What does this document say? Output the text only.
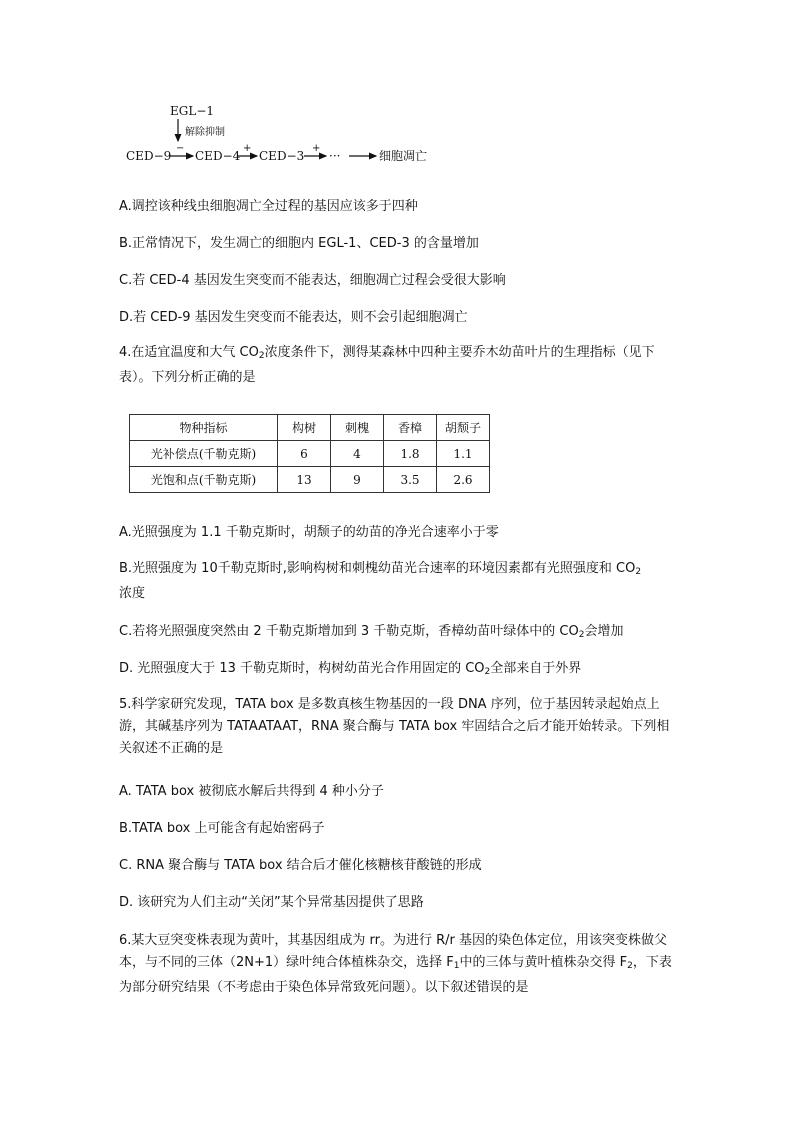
EGL−1
解除抑制
CED−9
−
CED−4
+
CED−3
+
···	细胞凋亡
A.调控该种线虫细胞凋亡全过程的基因应该多于四种
B.正常情况下，发生凋亡的细胞内 EGL-1、CED-3 的含量增加
C.若 CED-4 基因发生突变而不能表达，细胞凋亡过程会受很大影响
D.若 CED-9 基因发生突变而不能表达，则不会引起细胞凋亡
4.在适宜温度和大气 $CO_2$浓度条件下，测得某森林中四种主要乔木幼苗叶片的生理指标（见下表）。下列分析正确的是
物种指标	构树	刺槐	香樟	胡颓子
光补偿点(千勒克斯)	6	4	1.8	1.1
光饱和点(千勒克斯)	13	9	3.5	2.6
A.光照强度为 1.1 千勒克斯时，胡颓子的幼苗的净光合速率小于零
B.光照强度为 10千勒克斯时,影响构树和刺槐幼苗光合速率的环境因素都有光照强度和 $CO_2$
浓度
C.若将光照强度突然由 2 千勒克斯增加到 3 千勒克斯，香樟幼苗叶绿体中的 $CO_2$会增加
D. 光照强度大于 13 千勒克斯时，构树幼苗光合作用固定的 $CO_2$全部来自于外界
5.科学家研究发现，TATA box 是多数真核生物基因的一段 DNA 序列，位于基因转录起始点上游，其碱基序列为 TATAATAAT，RNA 聚合酶与 TATA box 牢固结合之后才能开始转录。下列相关叙述不正确的是
A. TATA box 被彻底水解后共得到 4 种小分子
B.TATA box 上可能含有起始密码子
C. RNA 聚合酶与 TATA box 结合后才催化核糖核苷酸链的形成
D. 该研究为人们主动“关闭”某个异常基因提供了思路
6.某大豆突变株表现为黄叶，其基因组成为 rr。为进行 R/r 基因的染色体定位，用该突变株做父本，与不同的三体（2N+1）绿叶纯合体植株杂交，选择 $F_1$中的三体与黄叶植株杂交得 $F_2$，下表为部分研究结果（不考虑由于染色体异常致死问题）。以下叙述错误的是
